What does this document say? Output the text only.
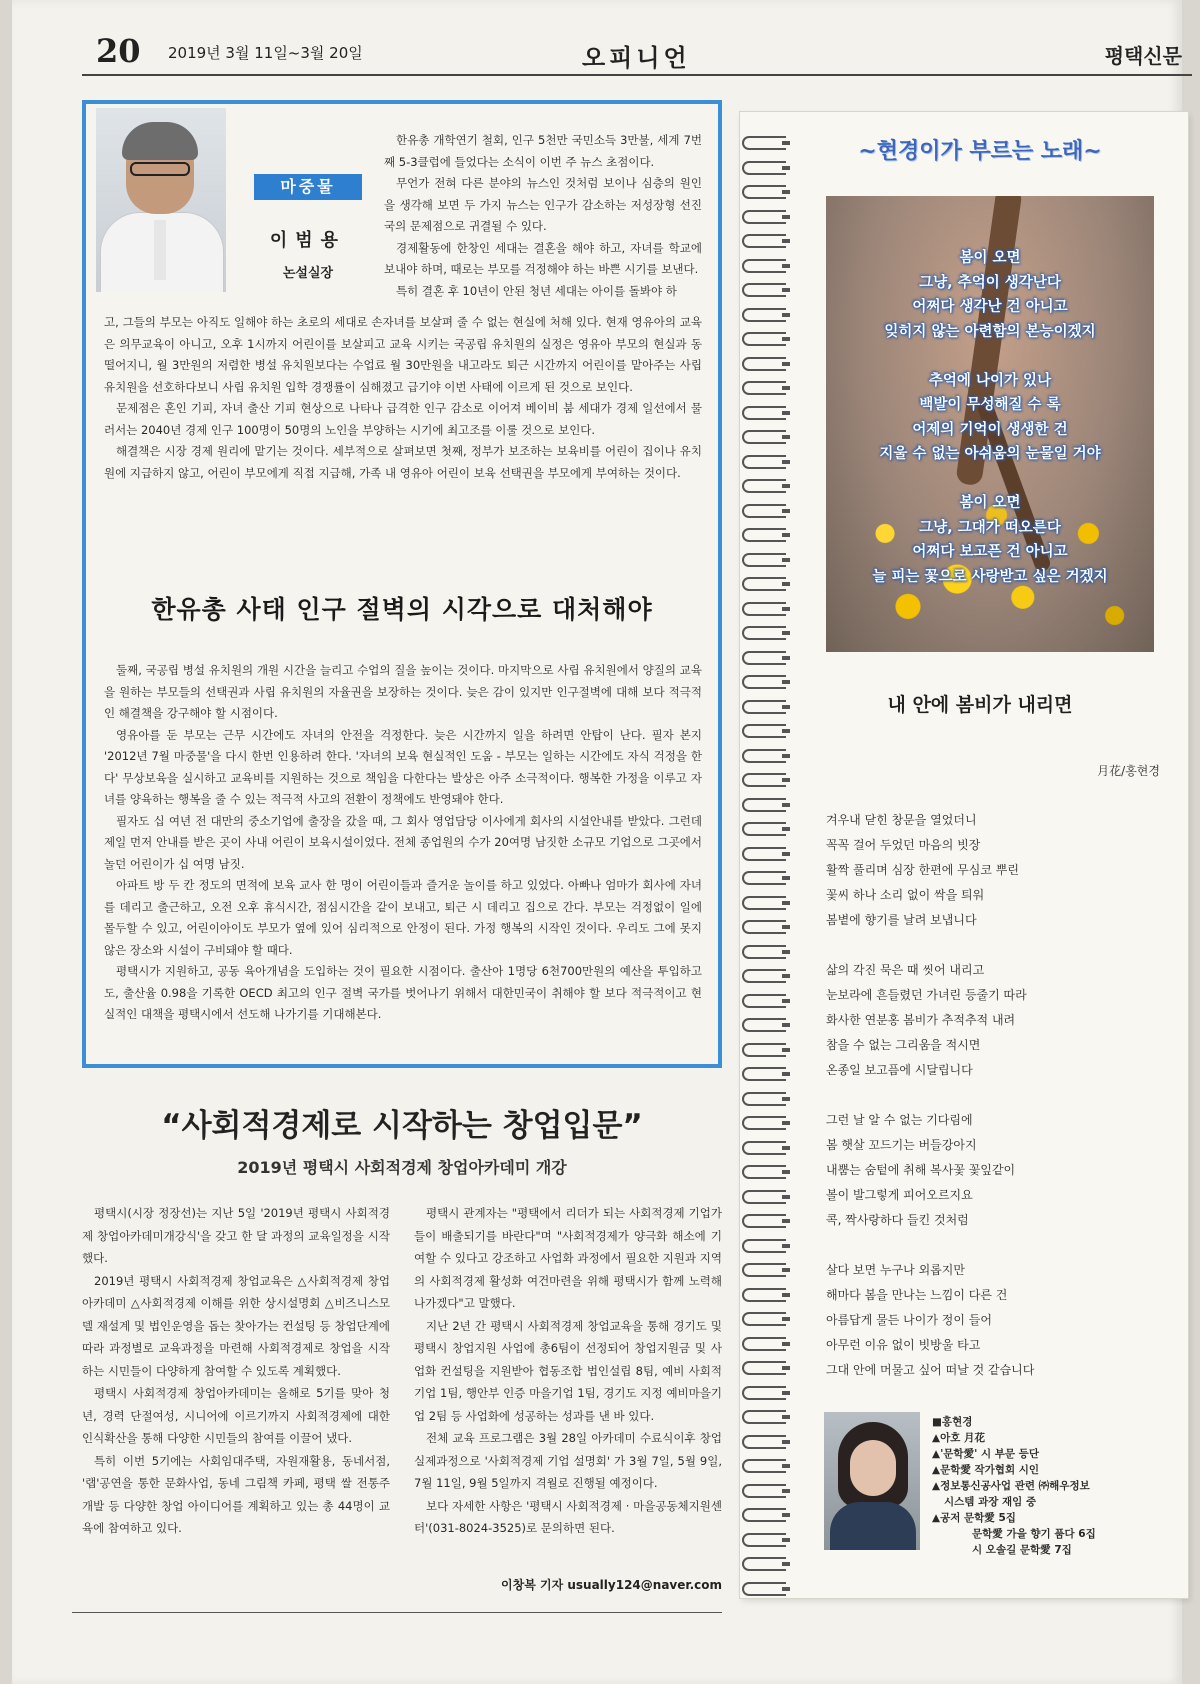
20 2019년 3월 11일~3월 20일	오피니언	평택신문
마중물
이범용
논설실장

한유총 개학연기 철회, 인구 5천만 국민소득 3만불, 세계 7번째 5-3클럽에 들었다는 소식이 이번 주 뉴스 초점이다.

무언가 전혀 다른 분야의 뉴스인 것처럼 보이나 심층의 원인을 생각해 보면 두 가지 뉴스는 인구가 감소하는 저성장형 선진국의 문제점으로 귀결될 수 있다.

경제활동에 한창인 세대는 결혼을 해야 하고, 자녀를 학교에 보내야 하며, 때로는 부모를 걱정해야 하는 바쁜 시기를 보낸다.

특히 결혼 후 10년이 안된 청년 세대는 아이를 돌봐야 하

고, 그들의 부모는 아직도 일해야 하는 초로의 세대로 손자녀를 보살펴 줄 수 없는 현실에 처해 있다. 현재 영유아의 교육은 의무교육이 아니고, 오후 1시까지 어린이를 보살피고 교육 시키는 국공립 유치원의 실정은 영유아 부모의 현실과 동떨어지니, 월 3만원의 저렴한 병설 유치원보다는 수업료 월 30만원을 내고라도 퇴근 시간까지 어린이를 맡아주는 사립 유치원을 선호하다보니 사립 유치원 입학 경쟁률이 심해졌고 급기야 이번 사태에 이르게 된 것으로 보인다.

문제점은 혼인 기피, 자녀 출산 기피 현상으로 나타나 급격한 인구 감소로 이어져 베이비 붐 세대가 경제 일선에서 물러서는 2040년 경제 인구 100명이 50명의 노인을 부양하는 시기에 최고조를 이룰 것으로 보인다.

해결책은 시장 경제 원리에 맡기는 것이다. 세부적으로 살펴보면 첫째, 정부가 보조하는 보육비를 어린이 집이나 유치원에 지급하지 않고, 어린이 부모에게 직접 지급해, 가족 내 영유아 어린이 보육 선택권을 부모에게 부여하는 것이다.

한유총 사태 인구 절벽의 시각으로 대처해야

둘째, 국공립 병설 유치원의 개원 시간을 늘리고 수업의 질을 높이는 것이다. 마지막으로 사립 유치원에서 양질의 교육을 원하는 부모들의 선택권과 사립 유치원의 자율권을 보장하는 것이다. 늦은 감이 있지만 인구절벽에 대해 보다 적극적인 해결책을 강구해야 할 시점이다.

영유아를 둔 부모는 근무 시간에도 자녀의 안전을 걱정한다. 늦은 시간까지 일을 하려면 안탑이 난다. 필자 본지 '2012년 7월 마중물'을 다시 한번 인용하려 한다. '자녀의 보육 현실적인 도움 - 부모는 일하는 시간에도 자식 걱정을 한다' 무상보육을 실시하고 교육비를 지원하는 것으로 책임을 다한다는 발상은 아주 소극적이다. 행복한 가정을 이루고 자녀를 양육하는 행복을 줄 수 있는 적극적 사고의 전환이 정책에도 반영돼야 한다.

필자도 십 여년 전 대만의 중소기업에 출장을 갔을 때, 그 회사 영업담당 이사에게 회사의 시설안내를 받았다. 그런데 제일 먼저 안내를 받은 곳이 사내 어린이 보육시설이었다. 전체 종업원의 수가 20여명 남짓한 소규모 기업으로 그곳에서 놀던 어린이가 십 여명 남짓.

아파트 방 두 칸 정도의 면적에 보육 교사 한 명이 어린이들과 즐거운 놀이를 하고 있었다. 아빠나 엄마가 회사에 자녀를 데리고 출근하고, 오전 오후 휴식시간, 점심시간을 같이 보내고, 퇴근 시 데리고 집으로 간다. 부모는 걱정없이 일에 몰두할 수 있고, 어린이아이도 부모가 옆에 있어 심리적으로 안정이 된다. 가정 행복의 시작인 것이다. 우리도 그에 못지않은 장소와 시설이 구비돼야 할 때다.

평택시가 지원하고, 공동 육아개념을 도입하는 것이 필요한 시점이다. 출산아 1명당 6천700만원의 예산을 투입하고도, 출산율 0.98을 기록한 OECD 최고의 인구 절벽 국가를 벗어나기 위해서 대한민국이 취해야 할 보다 적극적이고 현실적인 대책을 평택시에서 선도해 나가기를 기대해본다.

“사회적경제로 시작하는 창업입문”
2019년 평택시 사회적경제 창업아카데미 개강

평택시(시장 정장선)는 지난 5일 '2019년 평택시 사회적경제 창업아카데미개강식'을 갖고 한 달 과정의 교육일정을 시작했다.

2019년 평택시 사회적경제 창업교육은 △사회적경제 창업아카데미 △사회적경제 이해를 위한 상시설명회 △비즈니스모델 재설계 및 법인운영을 돕는 찾아가는 컨설팅 등 창업단계에 따라 과정별로 교육과정을 마련해 사회적경제로 창업을 시작하는 시민들이 다양하게 참여할 수 있도록 계획했다.

평택시 사회적경제 창업아카데미는 올해로 5기를 맞아 청년, 경력 단절여성, 시니어에 이르기까지 사회적경제에 대한 인식확산을 통해 다양한 시민들의 참여를 이끌어 냈다.

특히 이번 5기에는 사회임대주택, 자원재활용, 동네서점, '랩'공연을 통한 문화사업, 동네 그림책 카페, 평택 쌀 전통주 개발 등 다양한 창업 아이디어를 계획하고 있는 총 44명이 교육에 참여하고 있다.

평택시 관계자는 "평택에서 리더가 되는 사회적경제 기업가들이 배출되기를 바란다"며 "사회적경제가 양극화 해소에 기여할 수 있다고 강조하고 사업화 과정에서 필요한 지원과 지역의 사회적경제 활성화 여건마련을 위해 평택시가 함께 노력해 나가겠다"고 말했다.

지난 2년 간 평택시 사회적경제 창업교육을 통해 경기도 및 평택시 창업지원 사업에 총6팀이 선정되어 창업지원금 및 사업화 컨설팅을 지원받아 협동조합 법인설립 8팀, 예비 사회적기업 1팀, 행안부 인증 마을기업 1팀, 경기도 지정 예비마을기업 2팀 등 사업화에 성공하는 성과를 낸 바 있다.

전체 교육 프로그램은 3월 28일 아카데미 수료식이후 창업실제과정으로 '사회적경제 기업 설명회' 가 3월 7일, 5월 9일, 7월 11일, 9월 5일까지 격월로 진행될 예정이다.

보다 자세한 사항은 '평택시 사회적경제 · 마을공동체지원센터'(031-8024-3525)로 문의하면 된다.

이창복 기자 usually124@naver.com
~현경이가 부르는 노래~
봄이 오면
그냥, 추억이 생각난다
어쩌다 생각난 건 아니고
잊히지 않는 아련함의 본능이겠지
추억에 나이가 있나
백발이 무성해질 수 록
어제의 기억이 생생한 건
지울 수 없는 아쉬움의 눈물일 거야
봄이 오면
그냥, 그대가 떠오른다
어쩌다 보고픈 건 아니고
늘 피는 꽃으로 사랑받고 싶은 거겠지
내 안에 봄비가 내리면
月花/홍현경
겨우내 닫힌 창문을 열었더니
꼭꼭 걸어 두었던 마음의 빗장
활짝 풀리며 심장 한편에 무심코 뿌린
꽃씨 하나 소리 없이 싹을 틔워
봄볕에 향기를 날려 보냅니다
삶의 각진 묵은 때 씻어 내리고
눈보라에 흔들렸던 가녀린 등줄기 따라
화사한 연분홍 봄비가 추적추적 내려
참을 수 없는 그리움을 적시면
온종일 보고픔에 시달립니다
그런 날 알 수 없는 기다림에
봄 햇살 꼬드기는 버들강아지
내뿜는 숨텉에 취해 복사꽃 꽃잎같이
볼이 발그렇게 피어오르지요
콕, 짝사랑하다 들킨 것처럼
살다 보면 누구나 외롭지만
해마다 봄을 만나는 느낌이 다른 건
아름답게 물든 나이가 정이 들어
아무런 이유 없이 빗방울 타고
그대 안에 머물고 싶어 떠날 것 같습니다
■홍현경
▲아호 月花
▲'문학愛' 시 부문 등단
▲문학愛 작가협회 시인
▲정보통신공사업 관련 ㈜해우정보
시스템 과장 재임 중
▲공저 문학愛 5집
문학愛 가을 향기 품다 6집
시 오솔길 문학愛 7집
